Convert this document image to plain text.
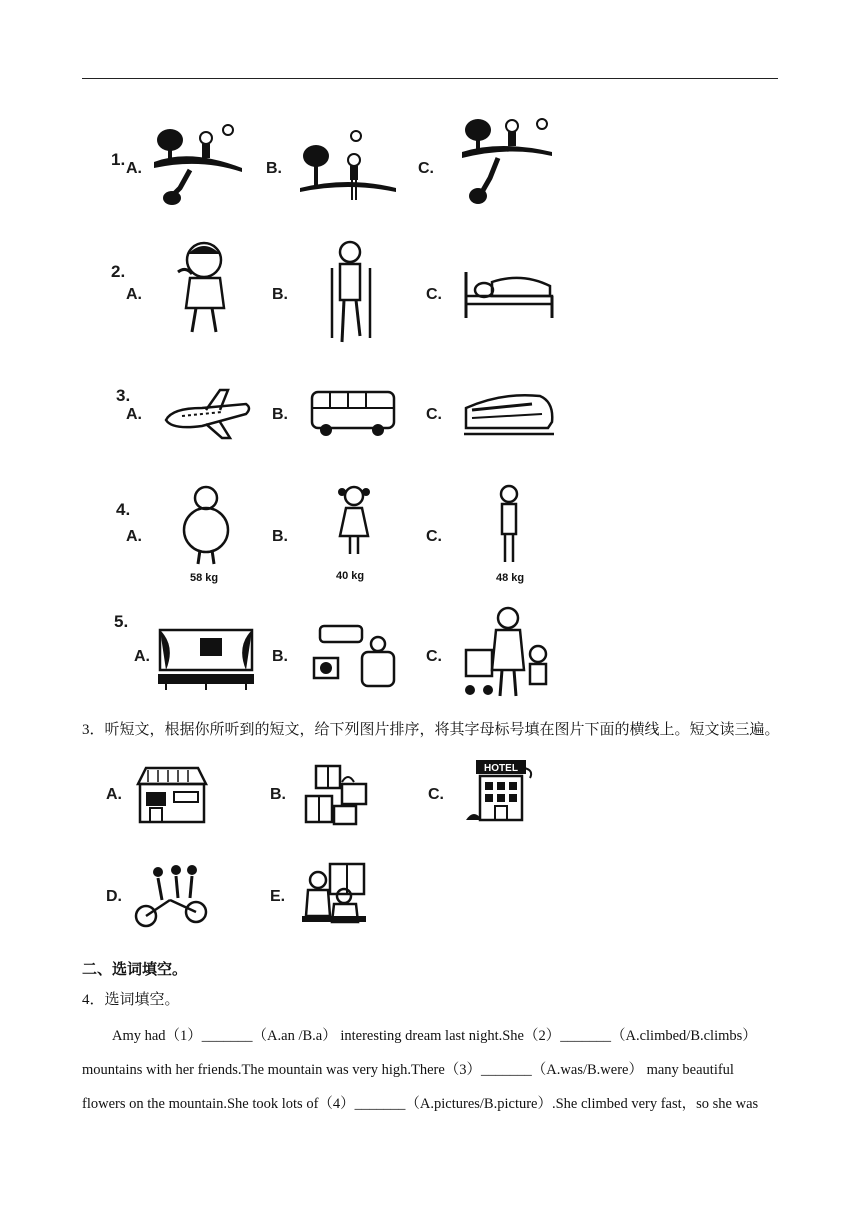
1. A.	B.	C.
2.
A.	B.	C.
3.
A.	B.	C.
4.
A.
58 kg
B.
40 kg
C.
48 kg
5.
A.	B.	C.
3．听短文，根据你所听到的短文，给下列图片排序，将其字母标号填在图片下面的横线上。短文读三遍。
A.	B.	C.
HOTEL
D.	E.
二、选词填空。
4．选词填空。
Amy had（1）_______（A.an /B.a） interesting dream last night.She（2）_______（A.climbed/B.climbs）
mountains with her friends.The mountain was very high.There（3）_______（A.was/B.were） many beautiful
flowers on the mountain.She took lots of（4）_______（A.pictures/B.picture）.She climbed very fast，so she was
